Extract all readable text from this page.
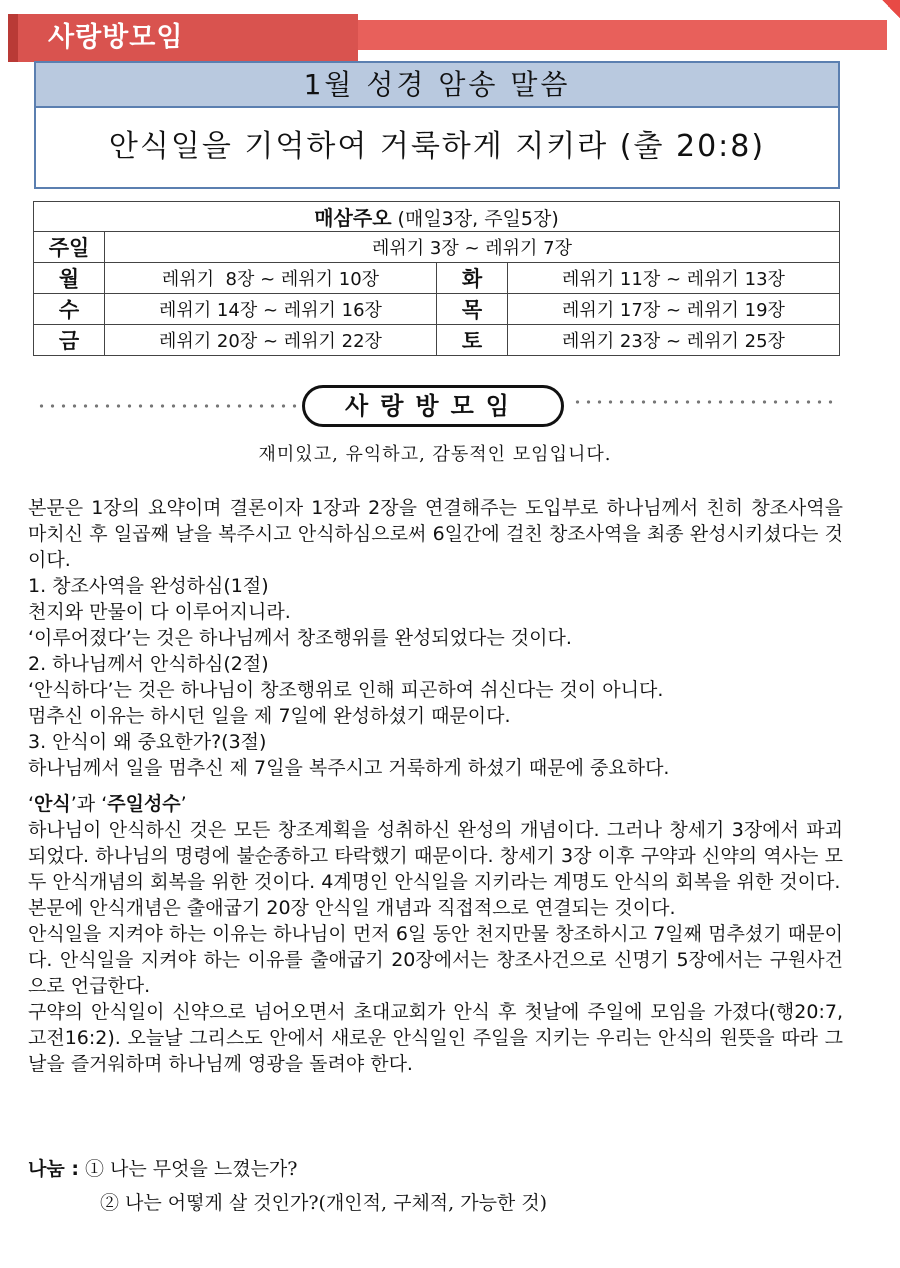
사랑방모임
1월 성경 암송 말씀
안식일을 기억하여 거룩하게 지키라 (출 20:8)
매삼주오 (매일3장, 주일5장)			
주일	레위기 3장 ~ 레위기 7장		
월	레위기  8장 ~ 레위기 10장	화	레위기 11장 ~ 레위기 13장
수	레위기 14장 ~ 레위기 16장	목	레위기 17장 ~ 레위기 19장
금	레위기 20장 ~ 레위기 22장	토	레위기 23장 ~ 레위기 25장
사랑방모임
재미있고, 유익하고, 감동적인 모임입니다.

본문은 1장의 요약이며 결론이자 1장과 2장을 연결해주는 도입부로 하나님께서 친히 창조사역을 마치신 후 일곱째 날을 복주시고 안식하심으로써 6일간에 걸친 창조사역을 최종 완성시키셨다는 것이다.

1. 창조사역을 완성하심(1절)

천지와 만물이 다 이루어지니라.

‘이루어졌다’는 것은 하나님께서 창조행위를 완성되었다는 것이다.

2. 하나님께서 안식하심(2절)

‘안식하다’는 것은 하나님이 창조행위로 인해 피곤하여 쉬신다는 것이 아니다.

멈추신 이유는 하시던 일을 제 7일에 완성하셨기 때문이다.

3. 안식이 왜 중요한가?(3절)

하나님께서 일을 멈추신 제 7일을 복주시고 거룩하게 하셨기 때문에 중요하다.

‘안식’과 ‘주일성수’

하나님이 안식하신 것은 모든 창조계획을 성취하신 완성의 개념이다. 그러나 창세기 3장에서 파괴되었다. 하나님의 명령에 불순종하고 타락했기 때문이다. 창세기 3장 이후 구약과 신약의 역사는 모두 안식개념의 회복을 위한 것이다. 4계명인 안식일을 지키라는 계명도 안식의 회복을 위한 것이다.

본문에 안식개념은 출애굽기 20장 안식일 개념과 직접적으로 연결되는 것이다.

안식일을 지켜야 하는 이유는 하나님이 먼저 6일 동안 천지만물 창조하시고 7일째 멈추셨기 때문이다. 안식일을 지켜야 하는 이유를 출애굽기 20장에서는 창조사건으로 신명기 5장에서는 구원사건으로 언급한다.

구약의 안식일이 신약으로 넘어오면서 초대교회가 안식 후 첫날에 주일에 모임을 가졌다(행20:7, 고전16:2). 오늘날 그리스도 안에서 새로운 안식일인 주일을 지키는 우리는 안식의 원뜻을 따라 그날을 즐거워하며 하나님께 영광을 돌려야 한다.

나눔 : ① 나는 무엇을 느꼈는가?
② 나는 어떻게 살 것인가?(개인적, 구체적, 가능한 것)
